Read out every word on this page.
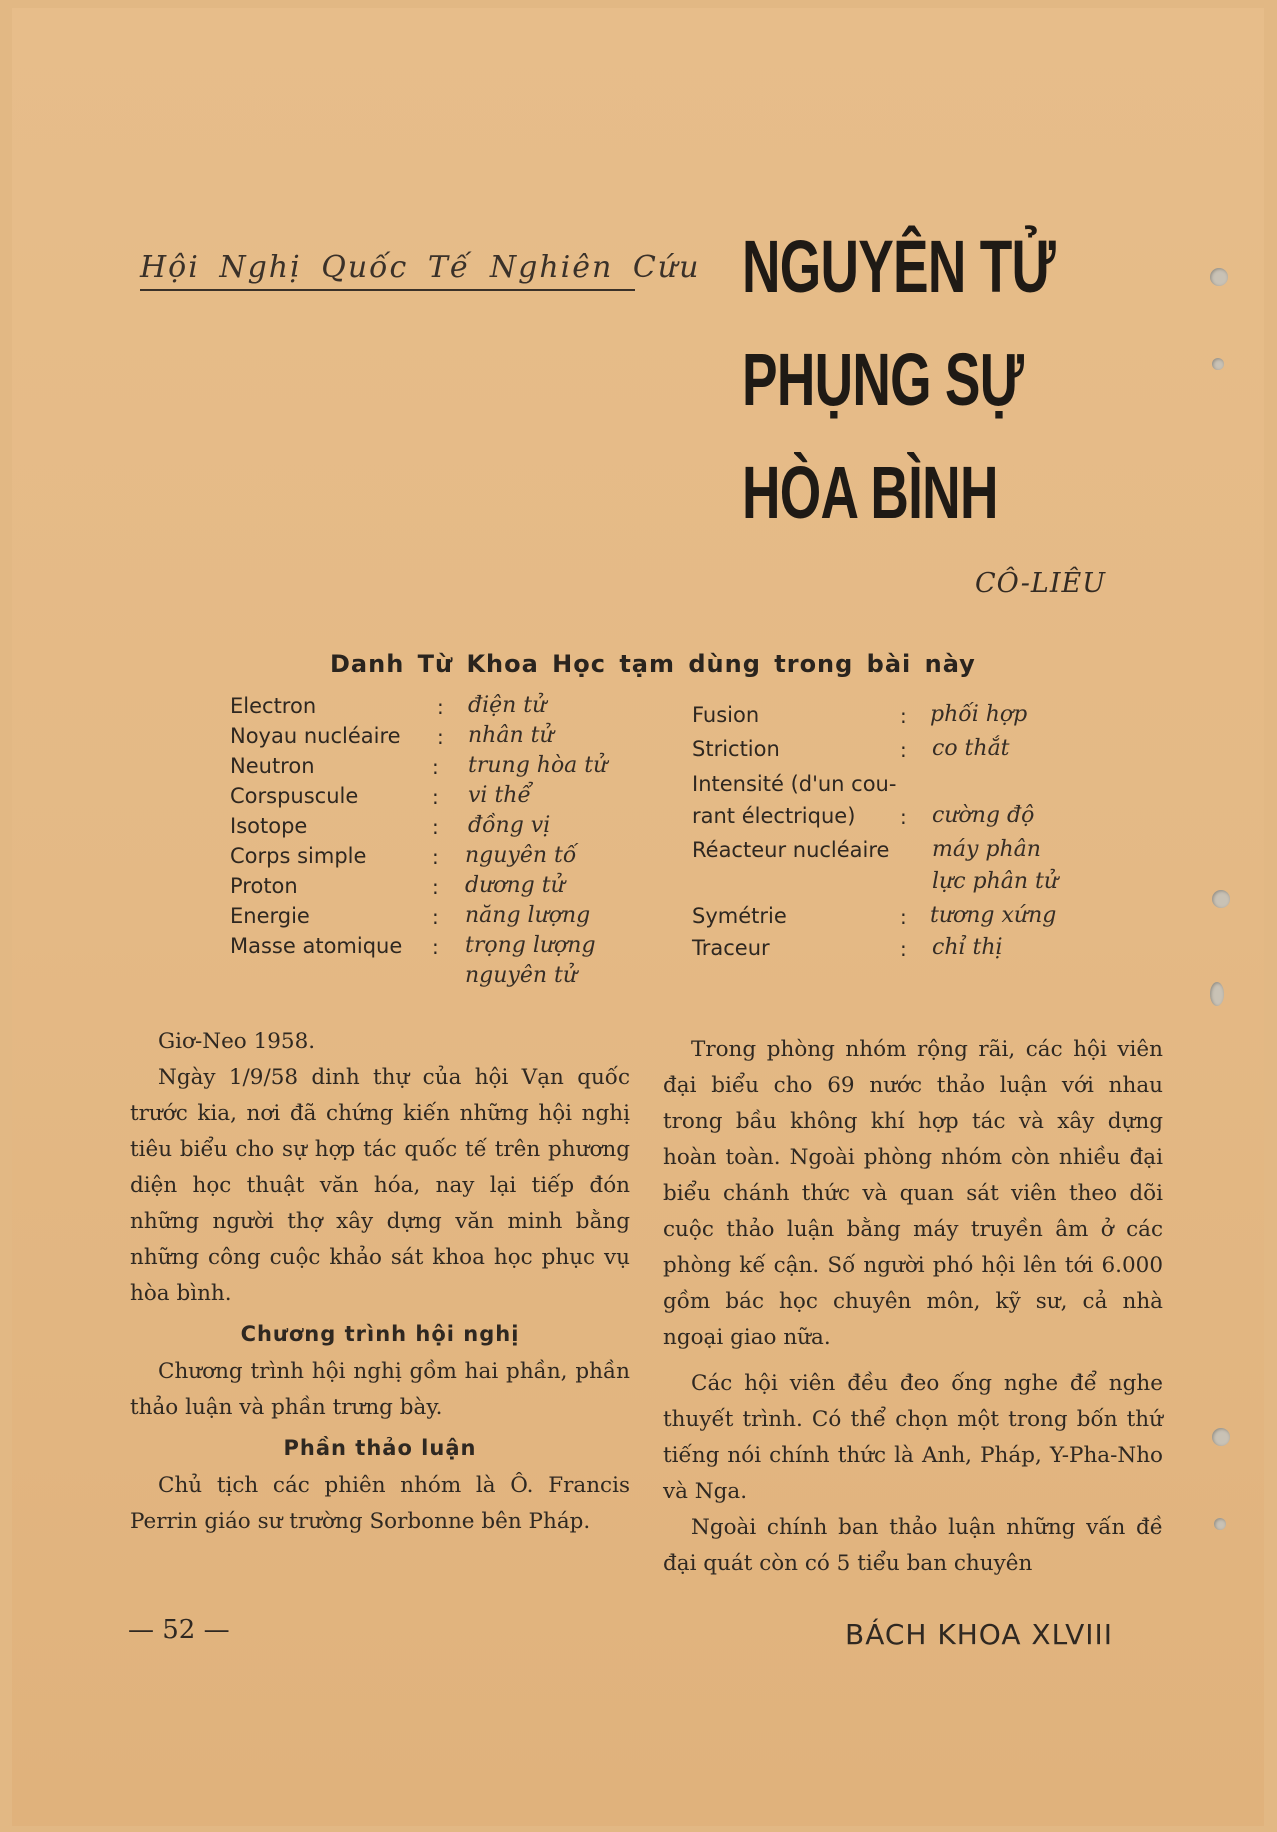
Hội Nghị Quốc Tế Nghiên Cứu NGUYÊN TỬ
PHỤNG SỰ
HÒA BÌNH
CÔ-LIÊU
Danh Từ Khoa Học tạm dùng trong bài này
Electron	: điện tử
Noyau nucléaire : nhân tử
Neutron	: trung hòa tử
Corspuscule	: vi thể
Isotope	: đồng vị
Corps simple	: nguyên tố
Proton	: dương tử
Energie	: năng lượng
Masse atomique : trọng lượng
nguyên tử
Fusion	: phối hợp
Striction	: co thắt
Intensité (d'un cou-
rant électrique) : cường độ
Réacteur nucléaire máy phân
lực phân tử
Symétrie	: tương xứng
Traceur	: chỉ thị

Giơ-Neo 1958.

Ngày 1/9/58 dinh thự của hội Vạn quốc trước kia, nơi đã chứng kiến những hội nghị tiêu biểu cho sự hợp tác quốc tế trên phương diện học thuật văn hóa, nay lại tiếp đón những người thợ xây dựng văn minh bằng những công cuộc khảo sát khoa học phục vụ hòa bình.

Chương trình hội nghị

Chương trình hội nghị gồm hai phần, phần thảo luận và phần trưng bày.

Phần thảo luận

Chủ tịch các phiên nhóm là Ô. Francis Perrin giáo sư trường Sorbonne bên Pháp.

Trong phòng nhóm rộng rãi, các hội viên đại biểu cho 69 nước thảo luận với nhau trong bầu không khí hợp tác và xây dựng hoàn toàn. Ngoài phòng nhóm còn nhiều đại biểu chánh thức và quan sát viên theo dõi cuộc thảo luận bằng máy truyền âm ở các phòng kế cận. Số người phó hội lên tới 6.000 gồm bác học chuyên môn, kỹ sư, cả nhà ngoại giao nữa.

Các hội viên đều đeo ống nghe để nghe thuyết trình. Có thể chọn một trong bốn thứ tiếng nói chính thức là Anh, Pháp, Y-Pha-Nho và Nga.

Ngoài chính ban thảo luận những vấn đề đại quát còn có 5 tiểu ban chuyên

— 52 —	BÁCH KHOA XLVIII
